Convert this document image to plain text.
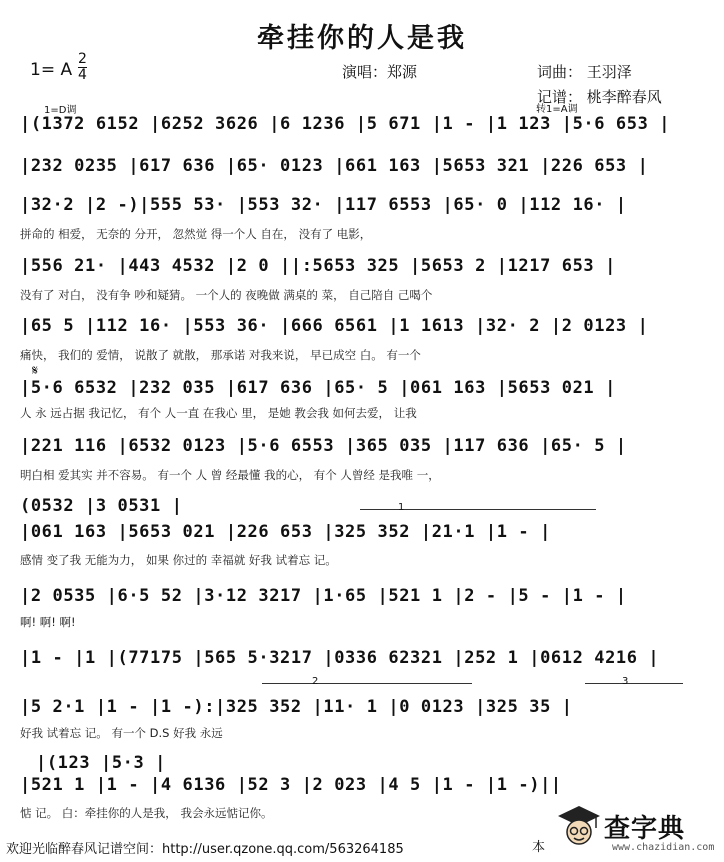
牵挂你的人是我
1= A $\frac{2}{4}$	演唱：郑源	词曲： 王羽泽
记谱： 桃李醉春风
1=D调	转1=A调
|(1372 6152 |6252 3626 |6 1236 |5 671 |1 - |1 123 |5·6 653 |
|232 0235 |617 636 |65· 0123 |661 163 |5653 321 |226 653 |
|32·2 |2 -)|555 53· |553 32· |117 6553 |65· 0 |112 16· |
拼命的 相爱， 无奈的 分开， 忽然觉 得一个人 自在， 没有了 电影，
|556 21· |443 4532 |2 0 ||:5653 325 |5653 2 |1217 653 |
没有了 对白， 没有争 吵和疑猜。 一个人的 夜晚做 满桌的 菜， 自己陪自 己喝个
|65 5 |112 16· |553 36· |666 6561 |1 1613 |32· 2 |2 0123 |
痛快， 我们的 爱情， 说散了 就散， 那承诺 对我来说， 早已成空 白。 有一个
𝄋
|5·6 6532 |232 035 |617 636 |65· 5 |061 163 |5653 021 |
人 永 远占据 我记忆， 有个 人一直 在我心 里， 是她 教会我 如何去爱， 让我
|221 116 |6532 0123 |5·6 6553 |365 035 |117 636 |65· 5 |
明白相 爱其实 并不容易。 有一个 人 曾 经最懂 我的心， 有个 人曾经 是我唯 一，
1
(0532 |3 0531 |
|061 163 |5653 021 |226 653 |325 352 |21·1 |1 - |
感情 变了我 无能为力， 如果 你过的 幸福就 好我 试着忘 记。
|2 0535 |6·5 52 |3·12 3217 |1·65 |521 1 |2 - |5 - |1 - |
啊! 啊! 啊!
|1 - |1 |(77175 |565 5·3217 |0336 62321 |252 1 |0612 4216 |
2	3
|5 2·1 |1 - |1 -):|325 352 |11· 1 |0 0123 |325 35 |
好我 试着忘 记。 有一个 D.S 好我 永远
|(123 |5·3 |
|521 1 |1 - |4 6136 |52 3 |2 023 |4 5 |1 - |1 -)||
惦 记。 白：牵挂你的人是我， 我会永远惦记你。
欢迎光临醉春风记谱空间：http://user.qzone.qq.com/563264185	本
查字典
www.chazidian.com
